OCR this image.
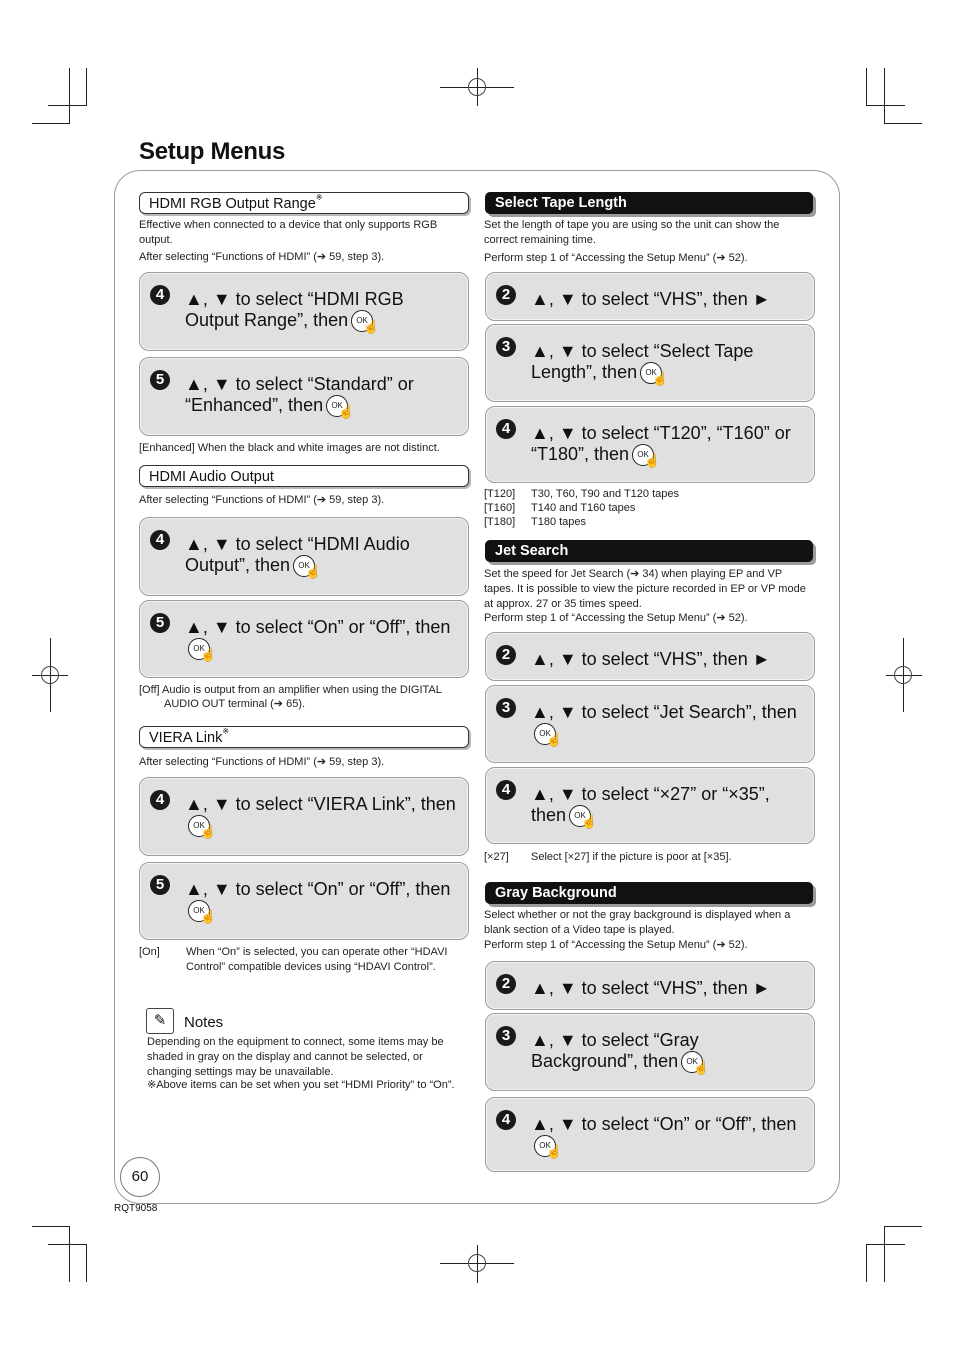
Setup Menus
HDMI RGB Output Range※
Effective when connected to a device that only supports RGB output.
After selecting “Functions of HDMI” (➔ 59, step 3).
4	▲, ▼ to select “HDMI RGB Output Range”, then	OK
☝
5	▲, ▼ to select “Standard” or “Enhanced”, then	OK
☝
[Enhanced] When the black and white images are not distinct.
HDMI Audio Output
After selecting “Functions of HDMI” (➔ 59, step 3).
4	▲, ▼ to select “HDMI Audio Output”, then	OK
☝
5	▲, ▼ to select “On” or “Off”, then
OK
☝
[Off] Audio is output from an amplifier when using the DIGITAL
AUDIO OUT terminal (➔ 65).
VIERA Link※
After selecting “Functions of HDMI” (➔ 59, step 3).
4	▲, ▼ to select “VIERA Link”, then
OK
☝
5	▲, ▼ to select “On” or “Off”, then
OK
☝
[On]	When “On” is selected, you can operate other “HDAVI Control” compatible devices using “HDAVI Control”.
✎	Notes
Depending on the equipment to connect, some items may be shaded in gray on the display and cannot be selected, or changing settings may be unavailable.
※Above items can be set when you set “HDMI Priority” to “On”.
60
RQT9058
Select Tape Length
Set the length of tape you are using so the unit can show the correct remaining time.
Perform step 1 of “Accessing the Setup Menu” (➔ 52).
2	▲, ▼ to select “VHS”, then ►
3	▲, ▼ to select “Select Tape Length”, then	OK
☝
4	▲, ▼ to select “T120”, “T160” or “T180”, then	OK
☝
[T120] T30, T60, T90 and T120 tapes
[T160] T140 and T160 tapes
[T180] T180 tapes
Jet Search
Set the speed for Jet Search (➔ 34) when playing EP and VP tapes. It is possible to view the picture recorded in EP or VP mode at approx. 27 or 35 times speed.
Perform step 1 of “Accessing the Setup Menu” (➔ 52).
2	▲, ▼ to select “VHS”, then ►
3	▲, ▼ to select “Jet Search”, then

OK
☝
4	▲, ▼ to select “×27” or “×35”, then	OK
☝
[×27] Select [×27] if the picture is poor at [×35].
Gray Background
Select whether or not the gray background is displayed when a blank section of a Video tape is played.
Perform step 1 of “Accessing the Setup Menu” (➔ 52).
2	▲, ▼ to select “VHS”, then ►
3	▲, ▼ to select “Gray Background”, then	OK
☝
4	▲, ▼ to select “On” or “Off”, then

OK
☝
